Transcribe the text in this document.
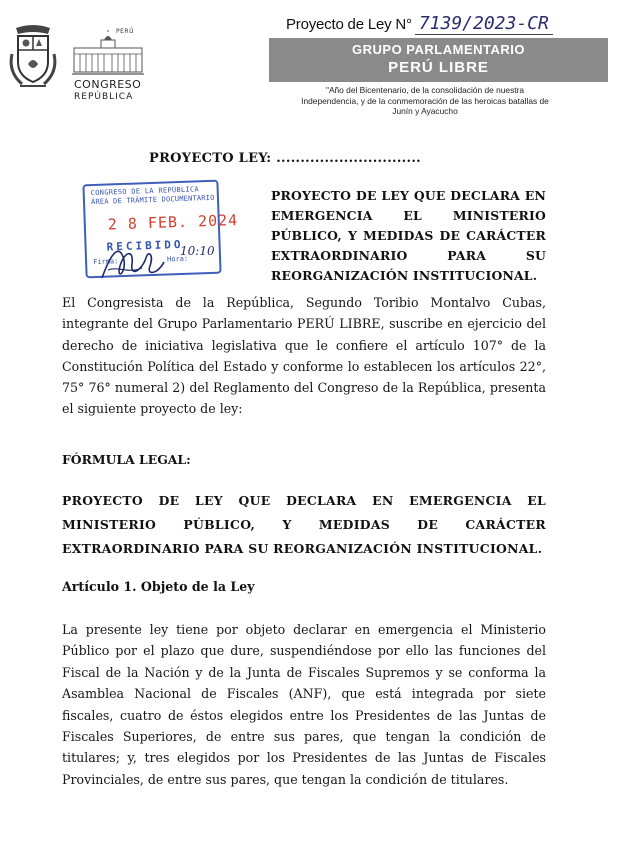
PERÚ
CONGRESO
REPÚBLICA
Proyecto de Ley N° 7139/2023-CR
GRUPO PARLAMENTARIO
PERÚ LIBRE
"Año del Bicentenario, de la consolidación de nuestra Independencia, y de la conmemoración de las heroicas batallas de Junín y Ayacucho
PROYECTO LEY: ..............................
CONGRESO DE LA REPÚBLICA
ÁREA DE TRÁMITE DOCUMENTARIO
2 8 FEB. 2024
RECIBIDO
Firma:	Hora:
10:10
PROYECTO DE LEY QUE DECLARA EN EMERGENCIA EL MINISTERIO PÚBLICO, Y MEDIDAS DE CARÁCTER EXTRAORDINARIO PARA SU REORGANIZACIÓN INSTITUCIONAL.
El Congresista de la República, Segundo Toribio Montalvo Cubas, integrante del Grupo Parlamentario PERÚ LIBRE, suscribe en ejercicio del derecho de iniciativa legislativa que le confiere el artículo 107° de la Constitución Política del Estado y conforme lo establecen los artículos 22°, 75° 76° numeral 2) del Reglamento del Congreso de la República, presenta el siguiente proyecto de ley:
FÓRMULA LEGAL:
PROYECTO DE LEY QUE DECLARA EN EMERGENCIA EL MINISTERIO PÚBLICO, Y MEDIDAS DE CARÁCTER EXTRAORDINARIO PARA SU REORGANIZACIÓN INSTITUCIONAL.
Artículo 1. Objeto de la Ley
La presente ley tiene por objeto declarar en emergencia el Ministerio Público por el plazo que dure, suspendiéndose por ello las funciones del Fiscal de la Nación y de la Junta de Fiscales Supremos y se conforma la Asamblea Nacional de Fiscales (ANF), que está integrada por siete fiscales, cuatro de éstos elegidos entre los Presidentes de las Juntas de Fiscales Superiores, de entre sus pares, que tengan la condición de titulares; y, tres elegidos por los Presidentes de las Juntas de Fiscales Provinciales, de entre sus pares, que tengan la condición de titulares.
